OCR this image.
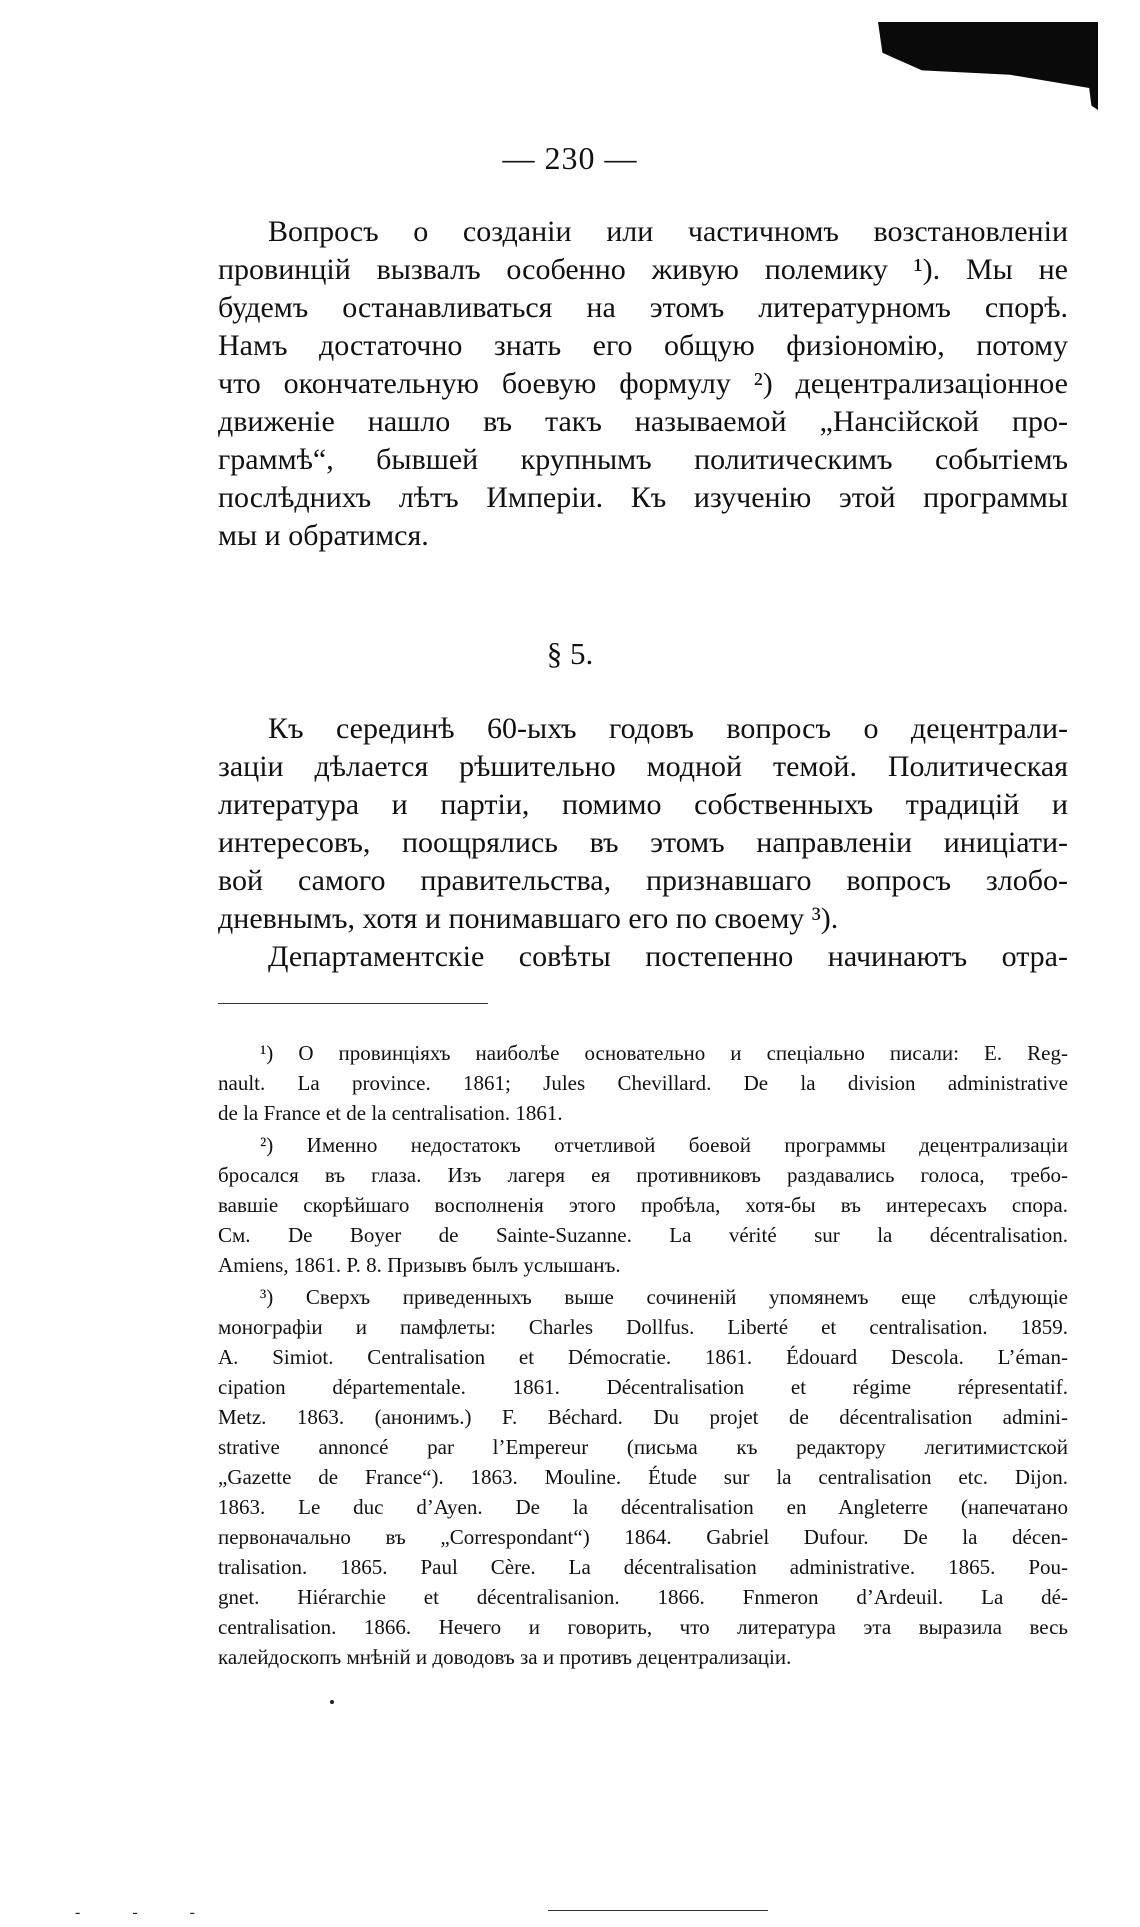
— 230 —

Вопросъ о созданіи или частичномъ возстановленіи
провинцій вызвалъ особенно живую полемику ¹). Мы не
будемъ останавливаться на этомъ литературномъ спорѣ.
Намъ достаточно знать его общую физіономію, потому
что окончательную боевую формулу ²) децентрализаціонное
движеніе нашло въ такъ называемой „Нансійской про-
граммѣ“, бывшей крупнымъ политическимъ событіемъ
послѣднихъ лѣтъ Имперіи. Къ изученію этой программы
мы и обратимся.

§ 5.

Къ серединѣ 60-ыхъ годовъ вопросъ о децентрали-
заціи дѣлается рѣшительно модной темой. Политическая
литература и партіи, помимо собственныхъ традицій и
интересовъ, поощрялись въ этомъ направленіи иниціати-
вой самого правительства, признавшаго вопросъ злобо-
дневнымъ, хотя и понимавшаго его по своему ³).
Департаментскіе совѣты постепенно начинаютъ отра-

¹) О провинціяхъ наиболѣе основательно и спеціально писали: E. Reg-
nault. La province. 1861; Jules Chevillard. De la division administrative
de la France et de la centralisation. 1861.
²) Именно недостатокъ отчетливой боевой программы децентрализаціи
бросался въ глаза. Изъ лагеря ея противниковъ раздавались голоса, требо-
вавшіе скорѣйшаго восполненія этого пробѣла, хотя-бы въ интересахъ спора.
См. De Boyer de Sainte-Suzanne. La vérité sur la décentralisation.
Amiens, 1861. P. 8. Призывъ былъ услышанъ.
³) Сверхъ приведенныхъ выше сочиненій упомянемъ еще слѣдующіе
монографіи и памфлеты: Charles Dollfus. Liberté et centralisation. 1859.
A. Simiot. Centralisation et Démocratie. 1861. Édouard Descola. L’éman-
cipation départementale. 1861. Décentralisation et régime répresentatif.
Metz. 1863. (анонимъ.) F. Béchard. Du projet de décentralisation admini-
strative annoncé par l’Empereur (письма къ редактору легитимистской
„Gazette de France“). 1863. Mouline. Étude sur la centralisation etc. Dijon.
1863. Le duc d’Ayen. De la décentralisation en Angleterre (напечатано
первоначально въ „Correspondant“) 1864. Gabriel Dufour. De la décen-
tralisation. 1865. Paul Cère. La décentralisation administrative. 1865. Pou-
gnet. Hiérarchie et décentralisanion. 1866. Fnmeron d’Ardeuil. La dé-
centralisation. 1866. Нечего и говорить, что литература эта выразила весь
калейдоскопъ мнѣній и доводовъ за и противъ децентрализаціи.
- - -
